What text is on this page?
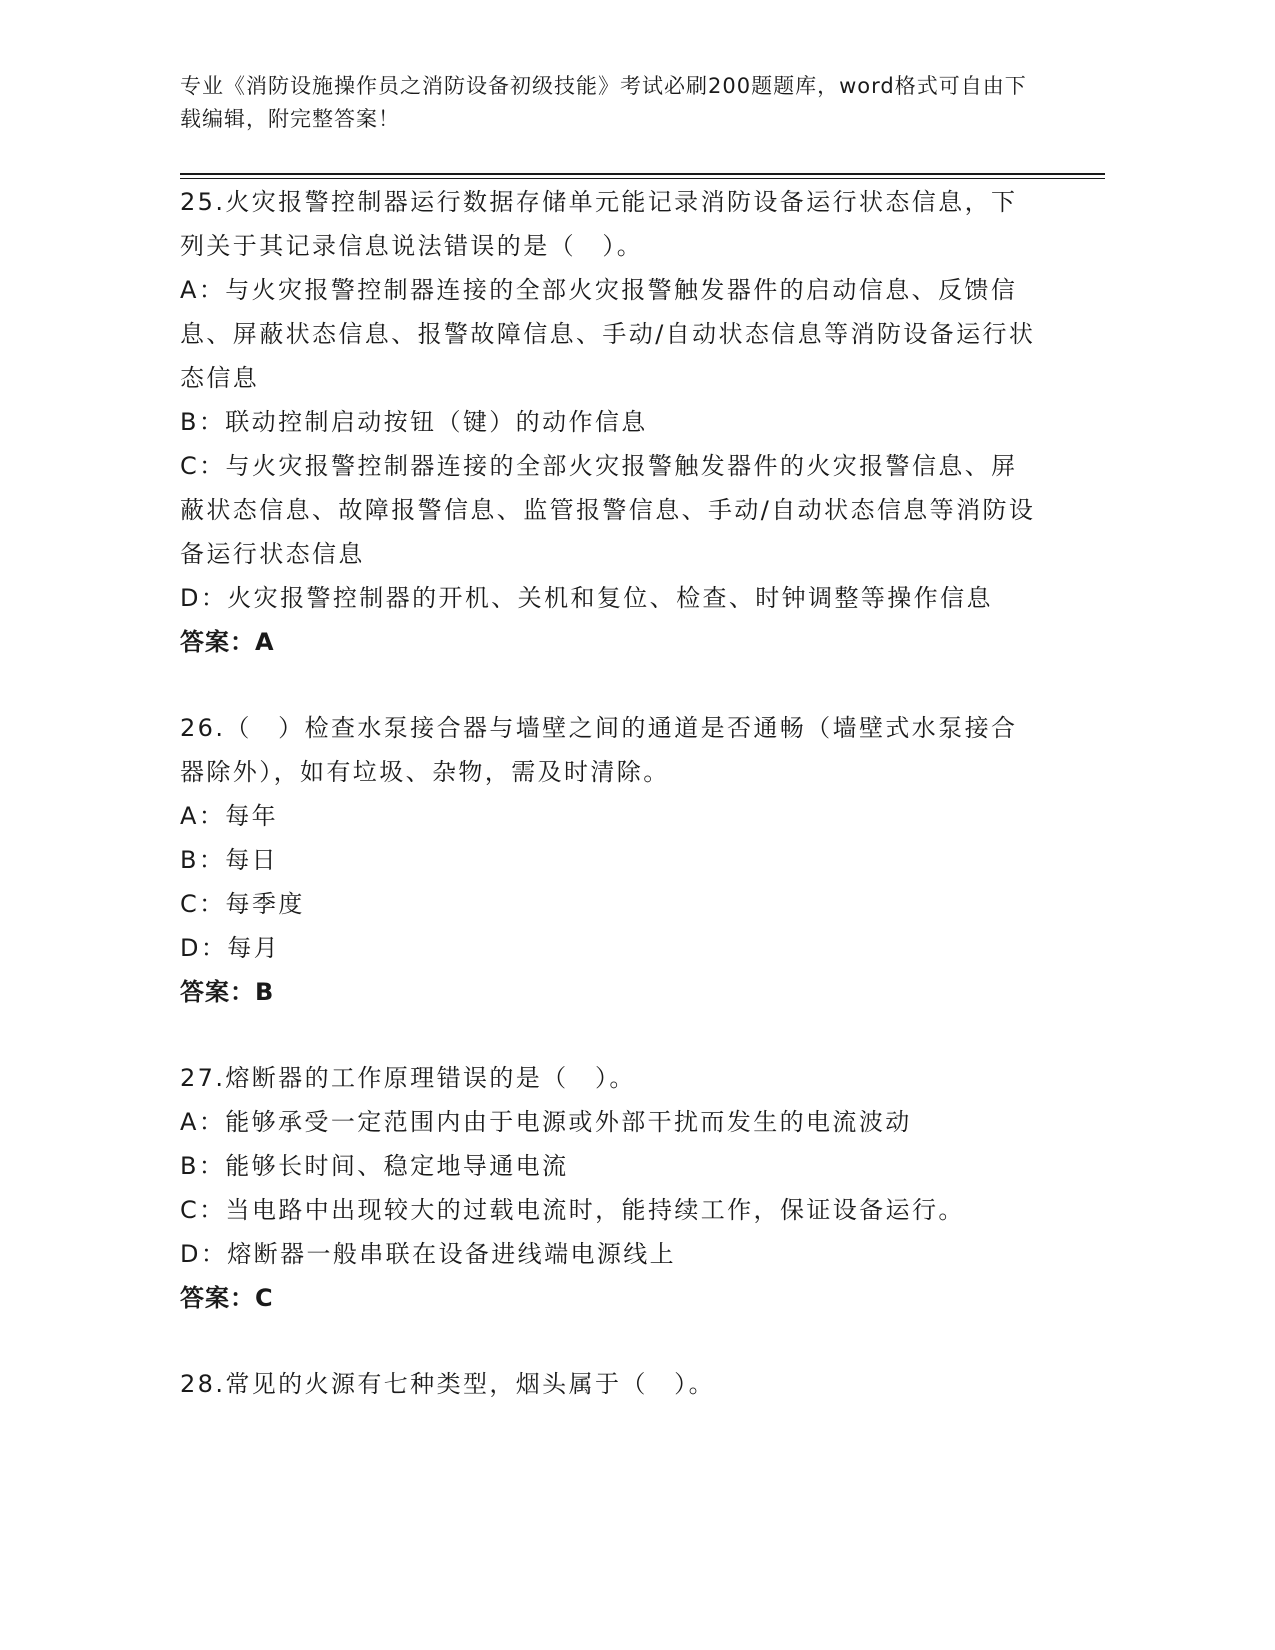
专业《消防设施操作员之消防设备初级技能》考试必刷200题题库，word格式可自由下载编辑，附完整答案！
25.火灾报警控制器运行数据存储单元能记录消防设备运行状态信息，下列关于其记录信息说法错误的是（　）。
A：与火灾报警控制器连接的全部火灾报警触发器件的启动信息、反馈信息、屏蔽状态信息、报警故障信息、手动/自动状态信息等消防设备运行状态信息
B：联动控制启动按钮（键）的动作信息
C：与火灾报警控制器连接的全部火灾报警触发器件的火灾报警信息、屏蔽状态信息、故障报警信息、监管报警信息、手动/自动状态信息等消防设备运行状态信息
D：火灾报警控制器的开机、关机和复位、检查、时钟调整等操作信息
答案：A
26.（　）检查水泵接合器与墙壁之间的通道是否通畅（墙壁式水泵接合器除外），如有垃圾、杂物，需及时清除。
A：每年
B：每日
C：每季度
D：每月
答案：B
27.熔断器的工作原理错误的是（　）。
A：能够承受一定范围内由于电源或外部干扰而发生的电流波动
B：能够长时间、稳定地导通电流
C：当电路中出现较大的过载电流时，能持续工作，保证设备运行。
D：熔断器一般串联在设备进线端电源线上
答案：C
28.常见的火源有七种类型，烟头属于（　）。
